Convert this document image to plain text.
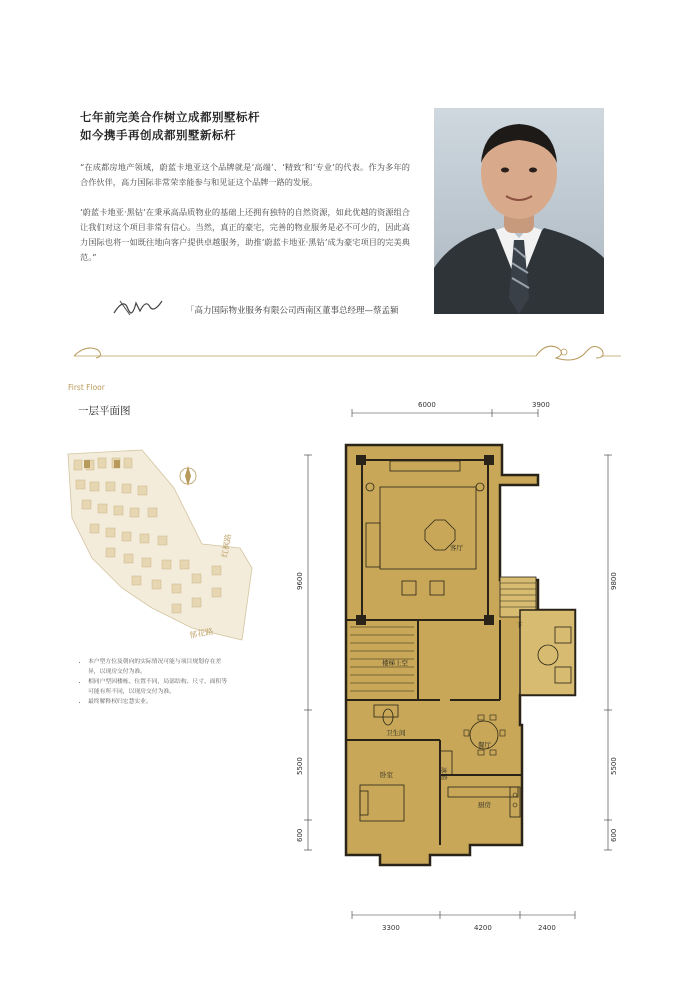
七年前完美合作树立成都别墅标杆
如今携手再创成都别墅新标杆
“在成都房地产领域，蔚蓝卡地亚这个品牌就是‘高端’、‘精致’和‘专业’的代表。作为多年的合作伙伴，高力国际非常荣幸能参与和见证这个品牌一路的发展。
‘蔚蓝卡地亚·黑钻’在秉承高品质物业的基础上还拥有独特的自然资源，如此优越的资源组合让我们对这个项目非常有信心。当然，真正的豪宅，完善的物业服务是必不可少的，因此高力国际也将一如既往地向客户提供卓越服务，助推‘蔚蓝卡地亚·黑钻’成为豪宅项目的完美典范。”
「高力国际物业服务有限公司西南区董事总经理—蔡孟颍
First Floor
一层平面图
红枫路
郁花路
• 本户型方位及朝向的实际情况可能与项目规划存在差异，以现房交付为准。
• 相同户型因楼栋、位置不同，局部结构、尺寸、面积等可能有所不同，以现房交付为准。
• 最终解释权归宏慧实业。
6000	3900
3300	4200	2400
9600
5500
600
9800
5500
600
客厅
楼梯上空
下
卫生间
餐厅
卧室	冰箱
厨房
